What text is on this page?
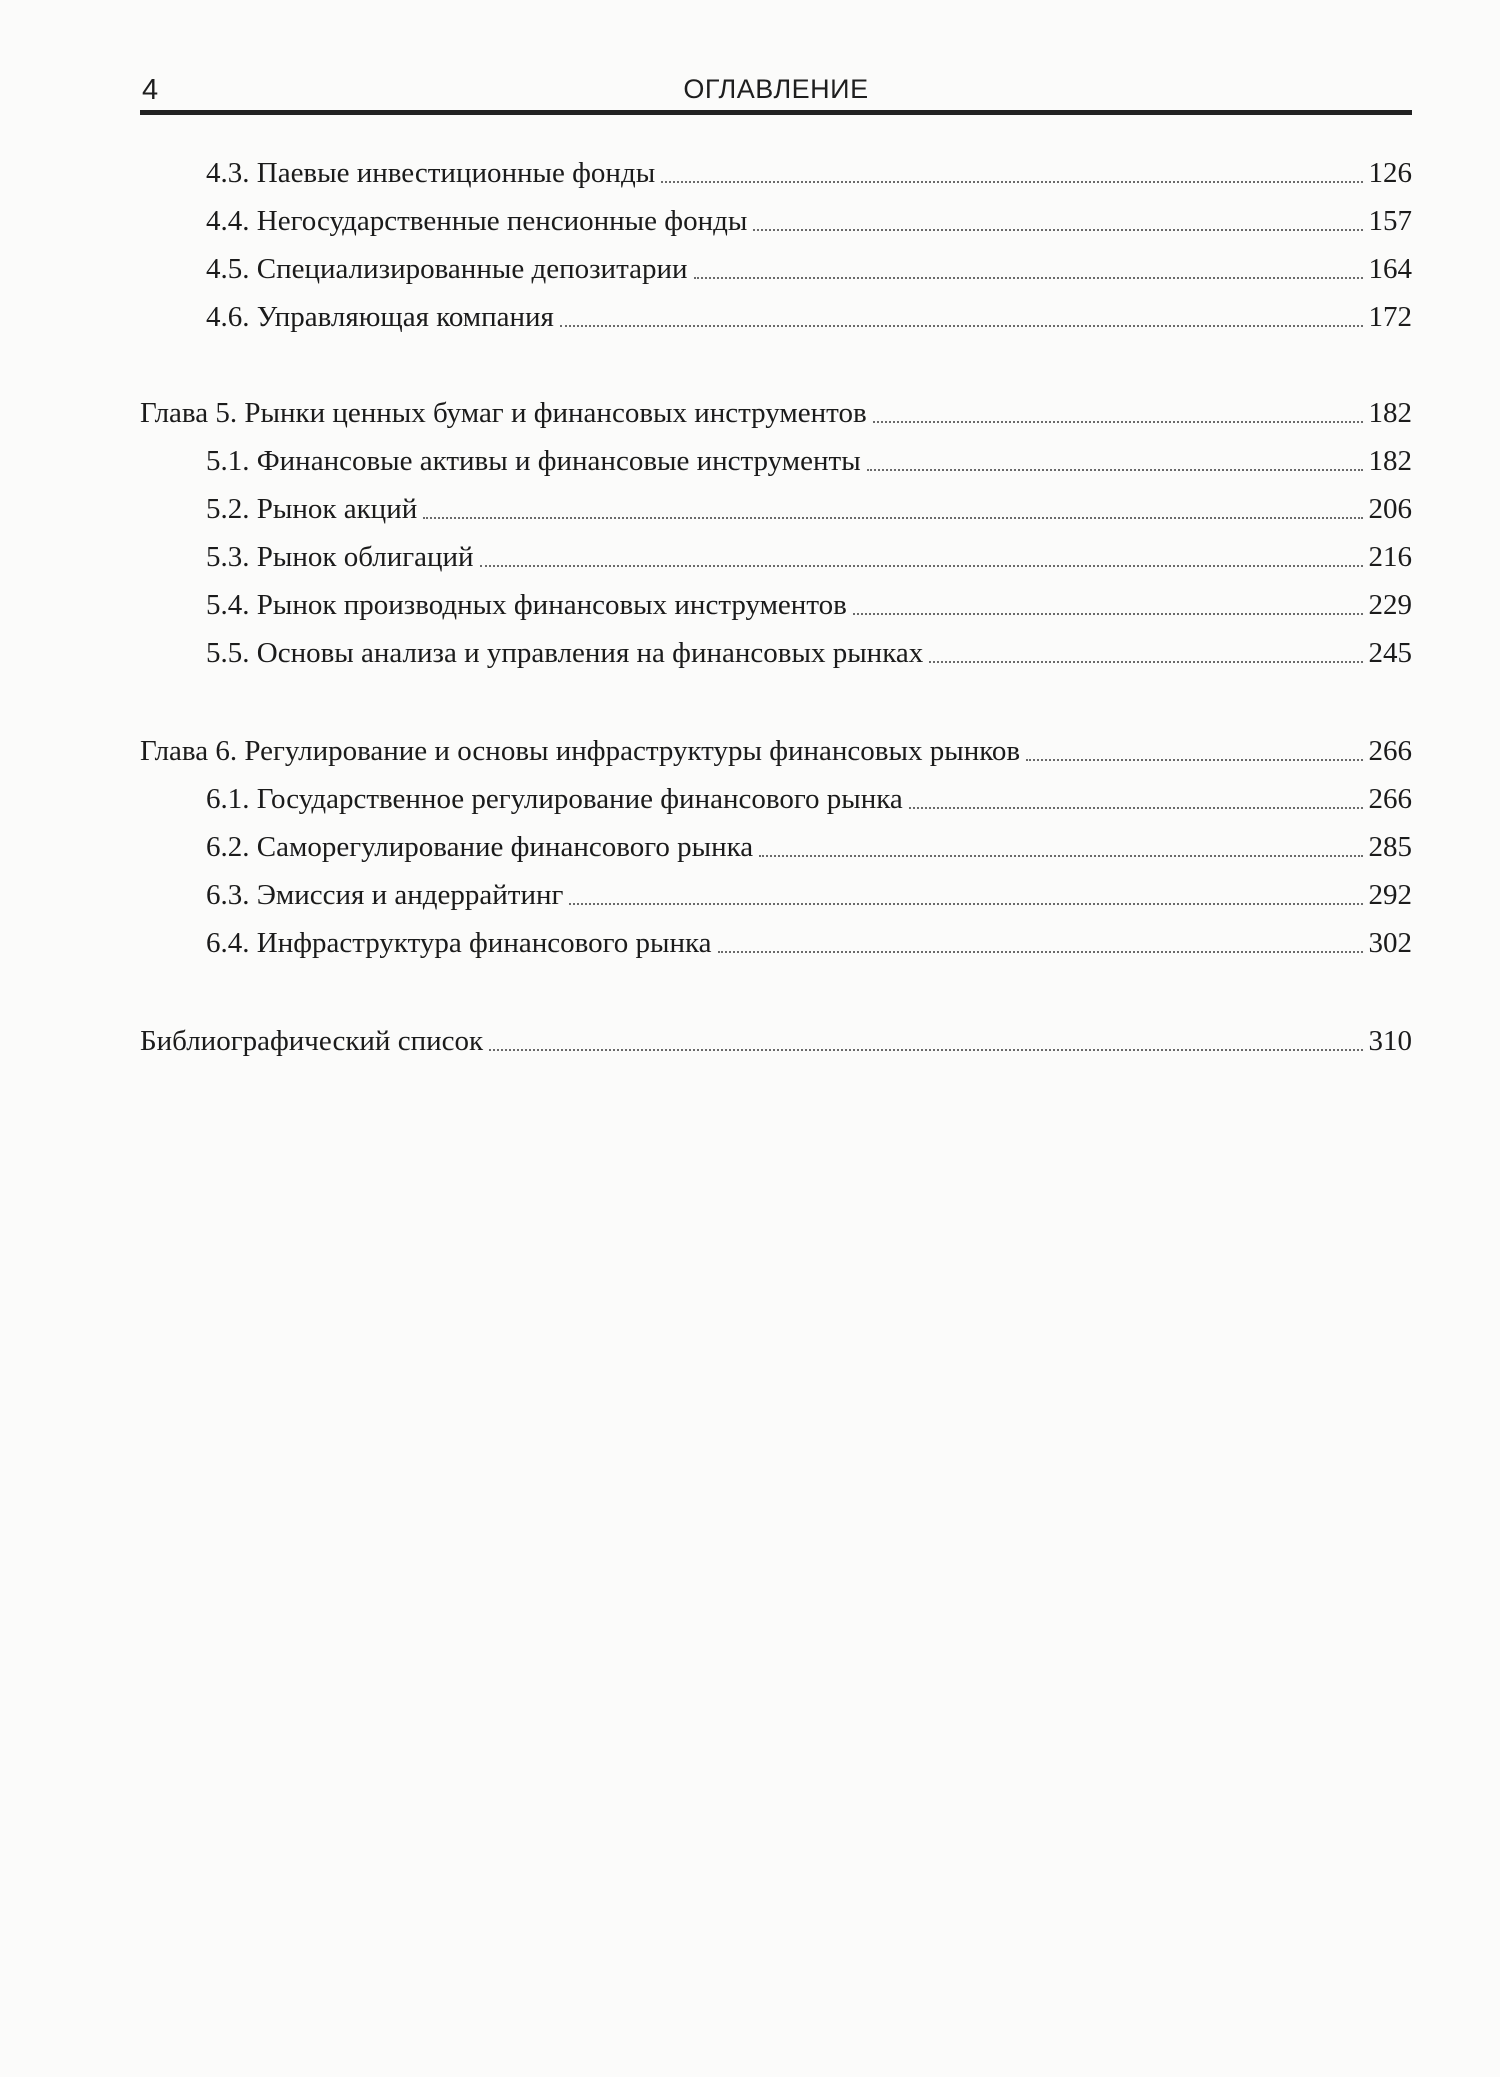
4	ОГЛАВЛЕНИЕ
4.3. Паевые инвестиционные фонды	126
4.4. Негосударственные пенсионные фонды	157
4.5. Специализированные депозитарии	164
4.6. Управляющая компания	172
Глава 5. Рынки ценных бумаг и финансовых инструментов	182
5.1. Финансовые активы и финансовые инструменты	182
5.2. Рынок акций	206
5.3. Рынок облигаций	216
5.4. Рынок производных финансовых инструментов	229
5.5. Основы анализа и управления на финансовых рынках	245
Глава 6. Регулирование и основы инфраструктуры финансовых рынков	266
6.1. Государственное регулирование финансового рынка	266
6.2. Саморегулирование финансового рынка	285
6.3. Эмиссия и андеррайтинг	292
6.4. Инфраструктура финансового рынка	302
Библиографический список	310
